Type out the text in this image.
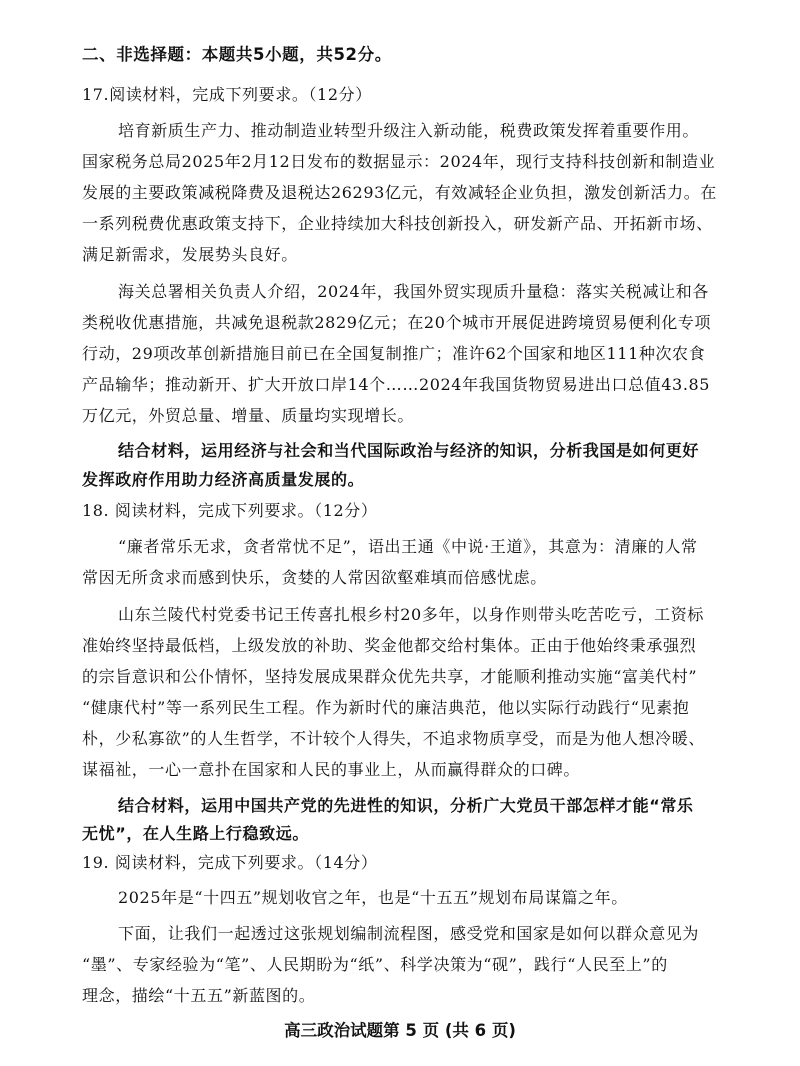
二、非选择题：本题共5小题，共52分。
17.阅读材料，完成下列要求。（12分）
培育新质生产力、推动制造业转型升级注入新动能，税费政策发挥着重要作用。
国家税务总局2025年2月12日发布的数据显示：2024年，现行支持科技创新和制造业
发展的主要政策减税降费及退税达26293亿元，有效减轻企业负担，激发创新活力。在
一系列税费优惠政策支持下，企业持续加大科技创新投入，研发新产品、开拓新市场、
满足新需求，发展势头良好。
海关总署相关负责人介绍，2024年，我国外贸实现质升量稳：落实关税减让和各
类税收优惠措施，共减免退税款2829亿元；在20个城市开展促进跨境贸易便利化专项
行动，29项改革创新措施目前已在全国复制推广；准许62个国家和地区111种次农食
产品输华；推动新开、扩大开放口岸14个……2024年我国货物贸易进出口总值43.85
万亿元，外贸总量、增量、质量均实现增长。
结合材料，运用经济与社会和当代国际政治与经济的知识，分析我国是如何更好
发挥政府作用助力经济高质量发展的。
18. 阅读材料，完成下列要求。（12分）
“廉者常乐无求，贪者常忧不足”，语出王通《中说·王道》，其意为：清廉的人常
常因无所贪求而感到快乐，贪婪的人常因欲壑难填而倍感忧虑。
山东兰陵代村党委书记王传喜扎根乡村20多年，以身作则带头吃苦吃亏，工资标
准始终坚持最低档，上级发放的补助、奖金他都交给村集体。正由于他始终秉承强烈
的宗旨意识和公仆情怀，坚持发展成果群众优先共享，才能顺利推动实施“富美代村”
“健康代村”等一系列民生工程。作为新时代的廉洁典范，他以实际行动践行“见素抱
朴，少私寡欲”的人生哲学，不计较个人得失，不追求物质享受，而是为他人想冷暖、
谋福祉，一心一意扑在国家和人民的事业上，从而赢得群众的口碑。
结合材料，运用中国共产党的先进性的知识，分析广大党员干部怎样才能“常乐
无忧”，在人生路上行稳致远。
19. 阅读材料，完成下列要求。（14分）
2025年是“十四五”规划收官之年，也是“十五五”规划布局谋篇之年。
下面，让我们一起透过这张规划编制流程图，感受党和国家是如何以群众意见为
“墨”、专家经验为“笔”、人民期盼为“纸”、科学决策为“砚”，践行“人民至上”的
理念，描绘“十五五”新蓝图的。
高三政治试题第 5 页 (共 6 页)
